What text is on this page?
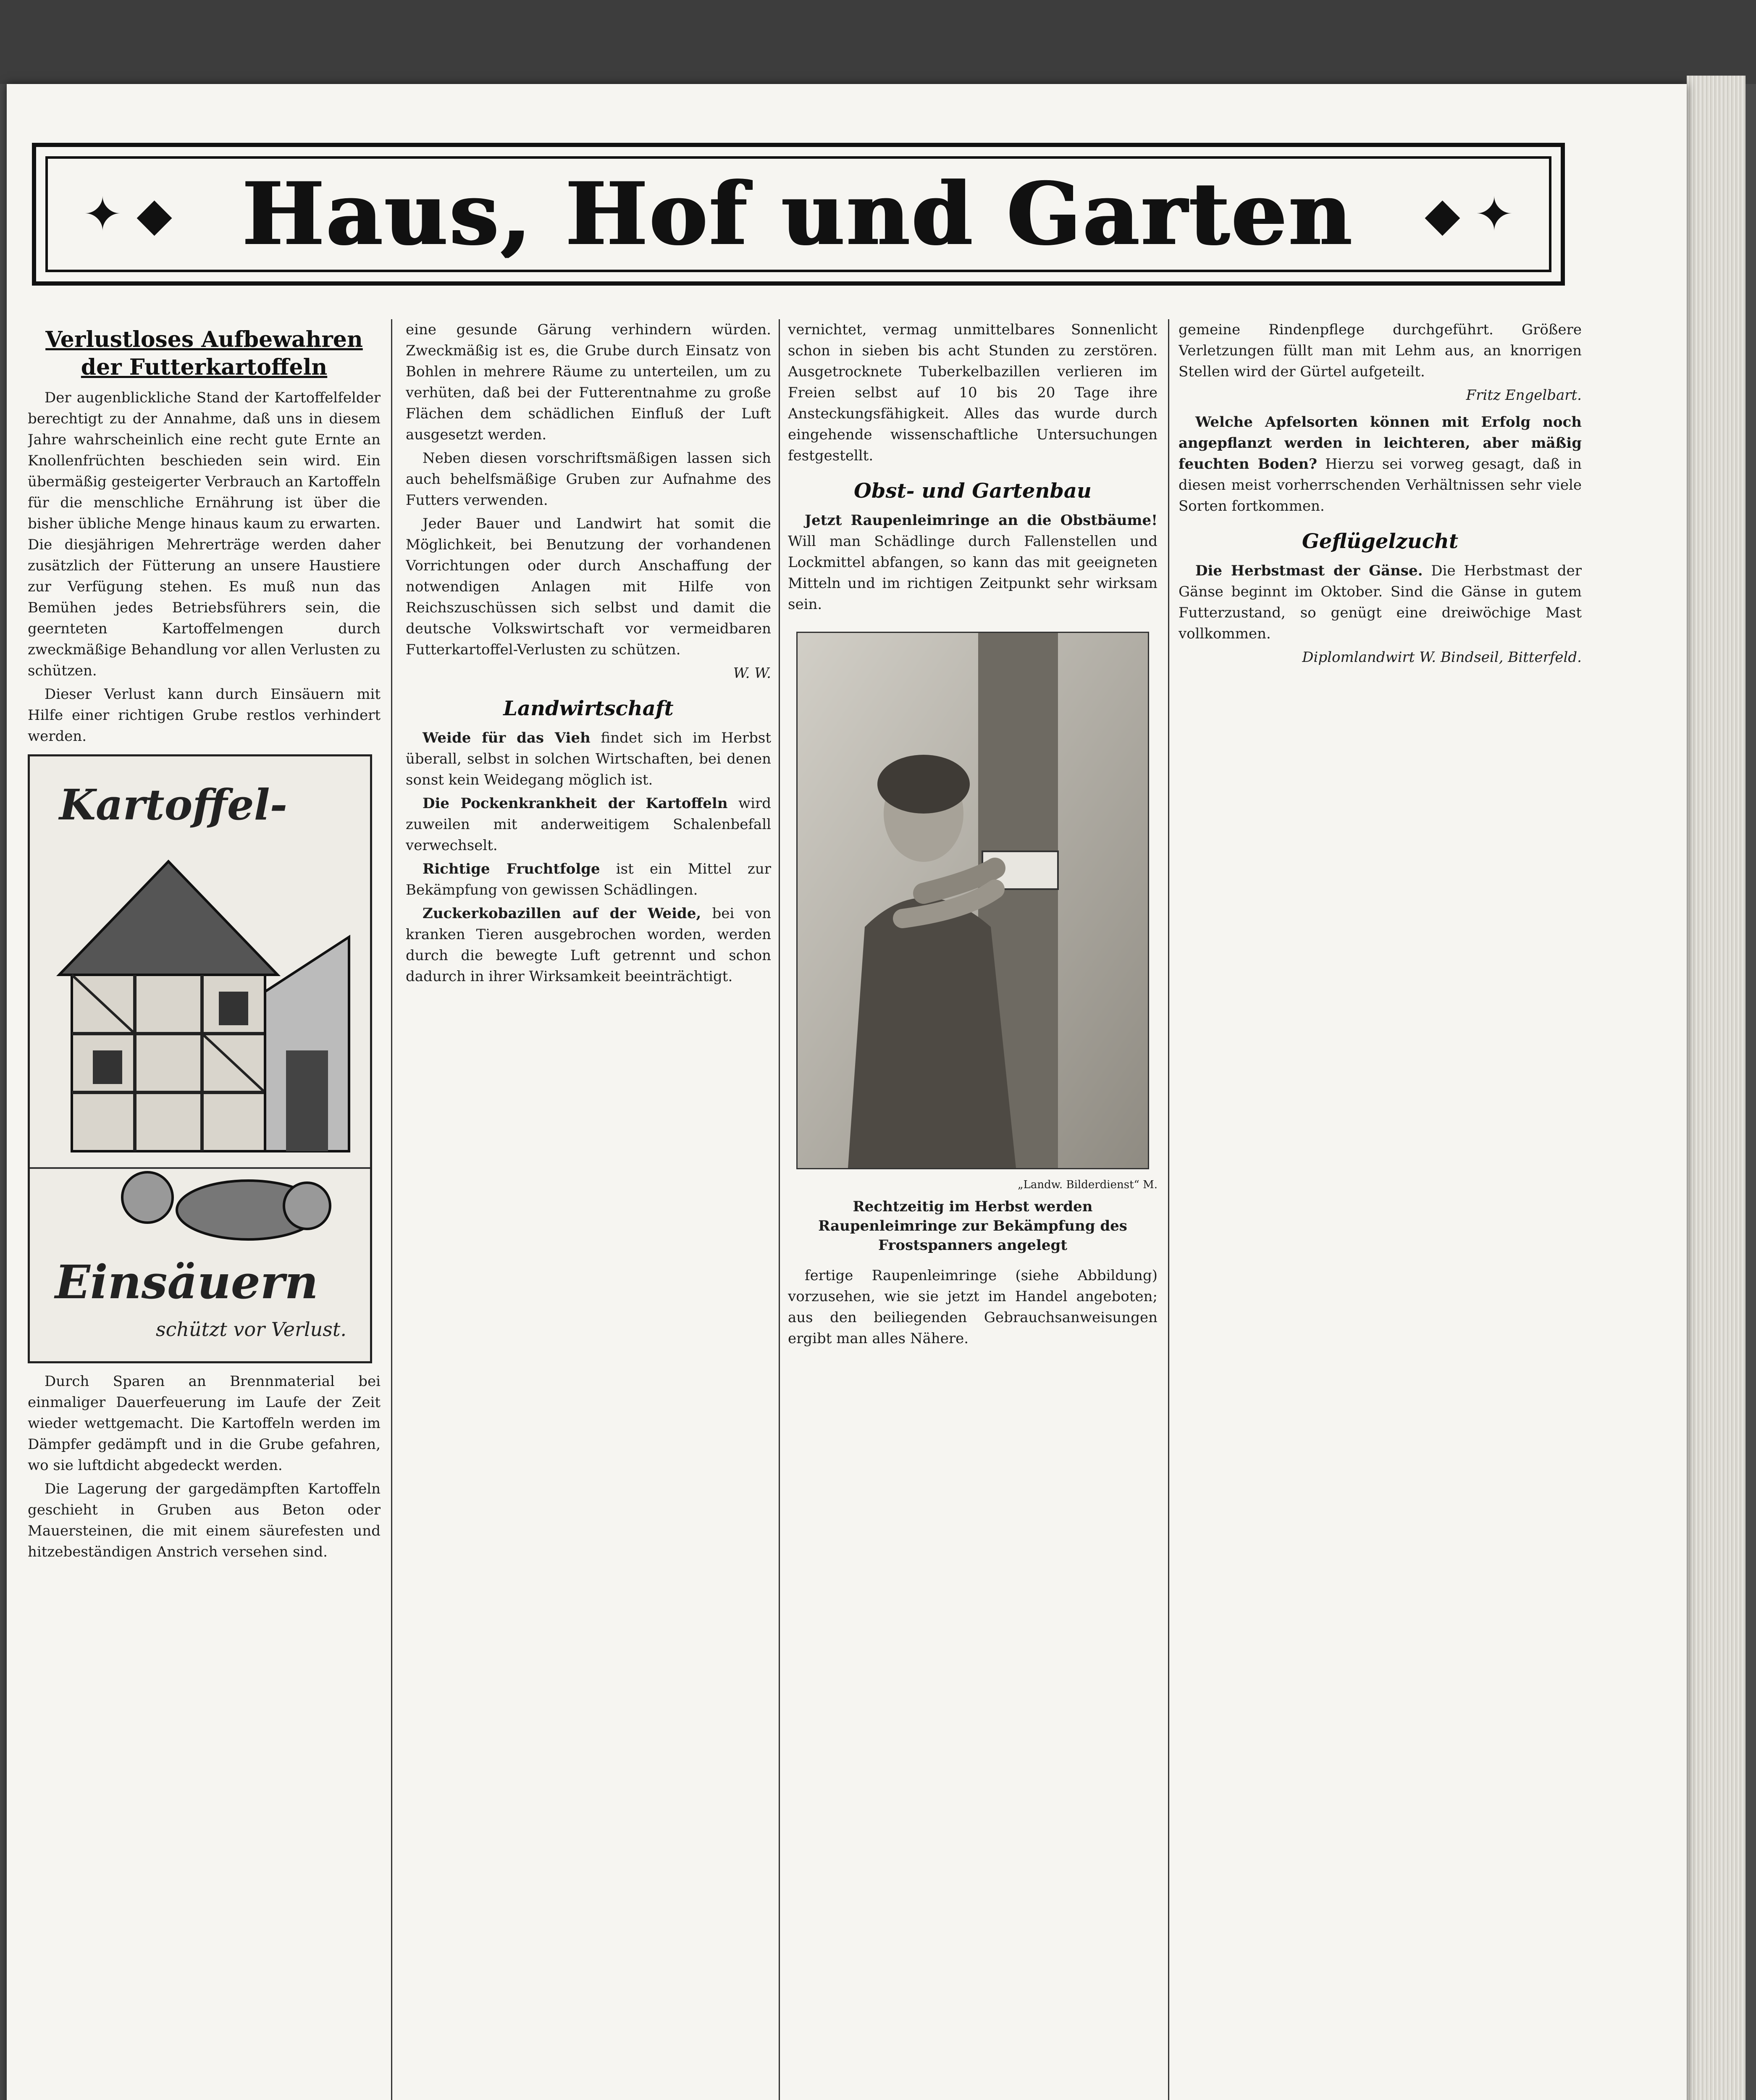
✦ ◆ Haus, Hof und Garten	◆ ✦
Verlustloses Aufbewahren der Futterkartoffeln

Der augenblickliche Stand der Kartoffelfelder berechtigt zu der Annahme, daß uns in diesem Jahre wahrscheinlich eine recht gute Ernte an Knollenfrüchten beschieden sein wird. Ein übermäßig gesteigerter Verbrauch an Kartoffeln für die menschliche Ernährung ist über die bisher übliche Menge hinaus kaum zu erwarten. Die diesjährigen Mehrerträge werden daher zusätzlich der Fütterung an unsere Haustiere zur Verfügung stehen. Es muß nun das Bemühen jedes Betriebsführers sein, die geernteten Kartoffelmengen durch zweckmäßige Behandlung vor allen Verlusten zu schützen.

Dieser Verlust kann durch Einsäuern mit Hilfe einer richtigen Grube restlos verhindert werden.

Kartoffel-
Einsäuern
schützt vor Verlust.

Durch Sparen an Brennmaterial bei einmaliger Dauerfeuerung im Laufe der Zeit wieder wettgemacht. Die Kartoffeln werden im Dämpfer gedämpft und in die Grube gefahren, wo sie luftdicht abgedeckt werden.

Die Lagerung der gargedämpften Kartoffeln geschieht in Gruben aus Beton oder Mauersteinen, die mit einem säurefesten und hitzebeständigen Anstrich versehen sind.

eine gesunde Gärung verhindern würden. Zweckmäßig ist es, die Grube durch Einsatz von Bohlen in mehrere Räume zu unterteilen, um zu verhüten, daß bei der Futterentnahme zu große Flächen dem schädlichen Einfluß der Luft ausgesetzt werden.

Neben diesen vorschriftsmäßigen lassen sich auch behelfsmäßige Gruben zur Aufnahme des Futters verwenden.

Jeder Bauer und Landwirt hat somit die Möglichkeit, bei Benutzung der vorhandenen Vorrichtungen oder durch Anschaffung der notwendigen Anlagen mit Hilfe von Reichszuschüssen sich selbst und damit die deutsche Volkswirtschaft vor vermeidbaren Futterkartoffel-Verlusten zu schützen.

W. W.

Landwirtschaft

Weide für das Vieh findet sich im Herbst überall, selbst in solchen Wirtschaften, bei denen sonst kein Weidegang möglich ist.

Die Pockenkrankheit der Kartoffeln wird zuweilen mit anderweitigem Schalenbefall verwechselt.

Richtige Fruchtfolge ist ein Mittel zur Bekämpfung von gewissen Schädlingen.

Zuckerkobazillen auf der Weide, bei von kranken Tieren ausgebrochen worden, werden durch die bewegte Luft getrennt und schon dadurch in ihrer Wirksamkeit beeinträchtigt.

vernichtet, vermag unmittelbares Sonnenlicht schon in sieben bis acht Stunden zu zerstören. Ausgetrocknete Tuberkelbazillen verlieren im Freien selbst auf 10 bis 20 Tage ihre Ansteckungsfähigkeit. Alles das wurde durch eingehende wissenschaftliche Untersuchungen festgestellt.

Obst- und Gartenbau

Jetzt Raupenleimringe an die Obstbäume! Will man Schädlinge durch Fallenstellen und Lockmittel abfangen, so kann das mit geeigneten Mitteln und im richtigen Zeitpunkt sehr wirksam sein.

„Landw. Bilderdienst“ M.

Rechtzeitig im Herbst werden Raupenleimringe zur Bekämpfung des Frostspanners angelegt

fertige Raupenleimringe (siehe Abbildung) vorzusehen, wie sie jetzt im Handel angeboten; aus den beiliegenden Gebrauchsanweisungen ergibt man alles Nähere.

gemeine Rindenpflege durchgeführt. Größere Verletzungen füllt man mit Lehm aus, an knorrigen Stellen wird der Gürtel aufgeteilt.

Fritz Engelbart.

Welche Apfelsorten können mit Erfolg noch angepflanzt werden in leichteren, aber mäßig feuchten Boden? Hierzu sei vorweg gesagt, daß in diesen meist vorherrschenden Verhältnissen sehr viele Sorten fortkommen.

Geflügelzucht

Die Herbstmast der Gänse. Die Herbstmast der Gänse beginnt im Oktober. Sind die Gänse in gutem Futterzustand, so genügt eine dreiwöchige Mast vollkommen.

Diplomlandwirt W. Bindseil, Bitterfeld.
